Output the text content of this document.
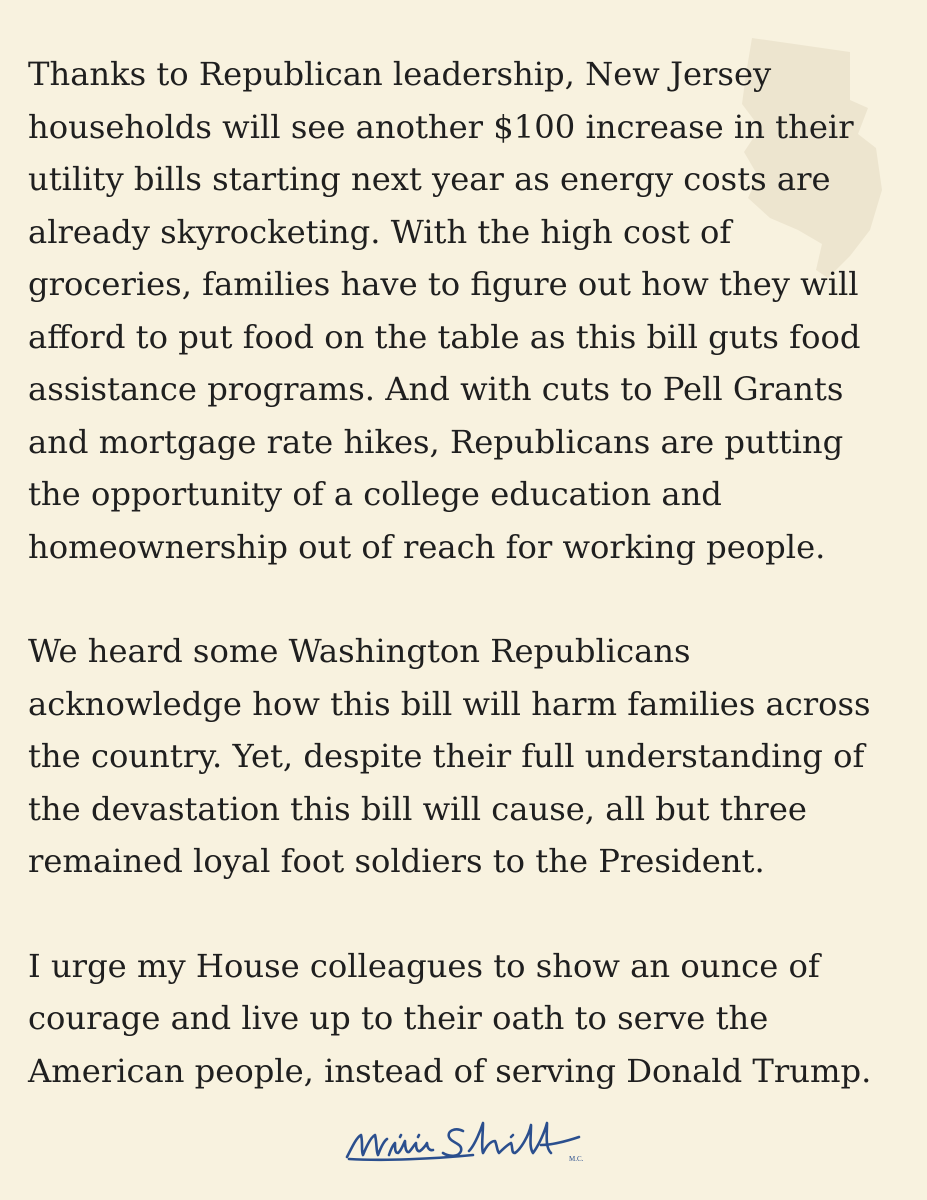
Thanks to Republican leadership, New Jersey
households will see another $100 increase in their
utility bills starting next year as energy costs are
already skyrocketing. With the high cost of
groceries, families have to figure out how they will
afford to put food on the table as this bill guts food
assistance programs. And with cuts to Pell Grants
and mortgage rate hikes, Republicans are putting
the opportunity of a college education and
homeownership out of reach for working people.

We heard some Washington Republicans
acknowledge how this bill will harm families across
the country. Yet, despite their full understanding of
the devastation this bill will cause, all but three
remained loyal foot soldiers to the President.

I urge my House colleagues to show an ounce of
courage and live up to their oath to serve the
American people, instead of serving Donald Trump.

M.C.
